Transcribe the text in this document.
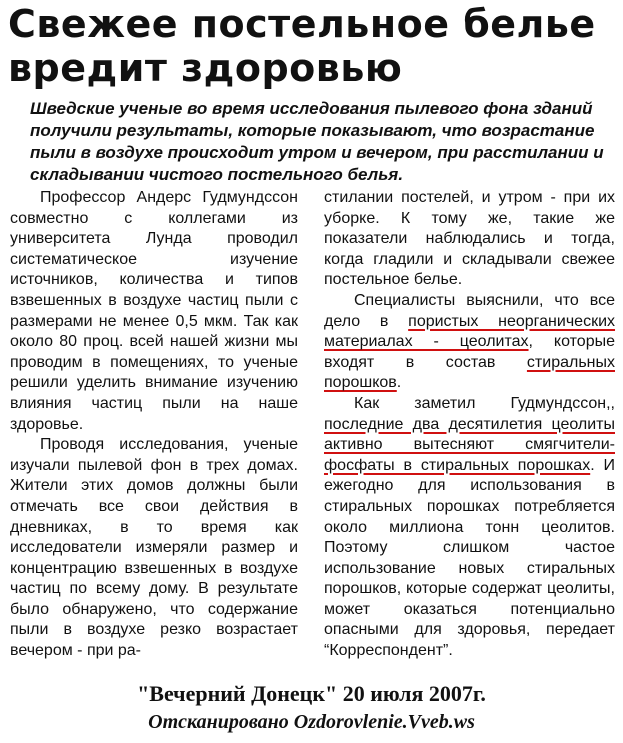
Свежее постельное белье вредит здоровью

Шведские ученые во время исследования пылевого фона зданий получили результаты, которые показывают, что возрастание пыли в воздухе происходит утром и вечером, при расстилании и складывании чистого постельного белья.

Профессор Андерс Гудмундссон совместно с коллегами из университета Лунда проводил систематическое изучение источников, количества и типов взвешенных в воздухе частиц пыли с размерами не менее 0,5 мкм. Так как около 80 проц. всей нашей жизни мы проводим в помещениях, то ученые решили уделить внимание изучению влияния частиц пыли на наше здоровье.

Проводя исследования, ученые изучали пылевой фон в трех домах. Жители этих домов должны были отмечать все свои действия в дневниках, в то время как исследователи измеряли размер и концентрацию взвешенных в воздухе частиц по всему дому. В результате было обнаружено, что содержание пыли в воздухе резко возрастает вечером - при ра-

стилании постелей, и утром - при их уборке. К тому же, такие же показатели наблюдались и тогда, когда гладили и складывали свежее постельное белье.

Специалисты выяснили, что все дело в пористых неорганических материалах - цеолитах, которые входят в состав стиральных порошков.

Как заметил Гудмундссон,, последние два десятилетия цеолиты активно вытесняют смягчители-фосфаты в стиральных порошках. И ежегодно для использования в стиральных порошках потребляется около миллиона тонн цеолитов. Поэтому слишком частое использование новых стиральных порошков, которые содержат цеолиты, может оказаться потенциально опасными для здоровья, передает “Корреспондент”.

"Вечерний Донецк" 20 июля 2007г.

Отсканировано Ozdorovlenie.Vveb.ws
